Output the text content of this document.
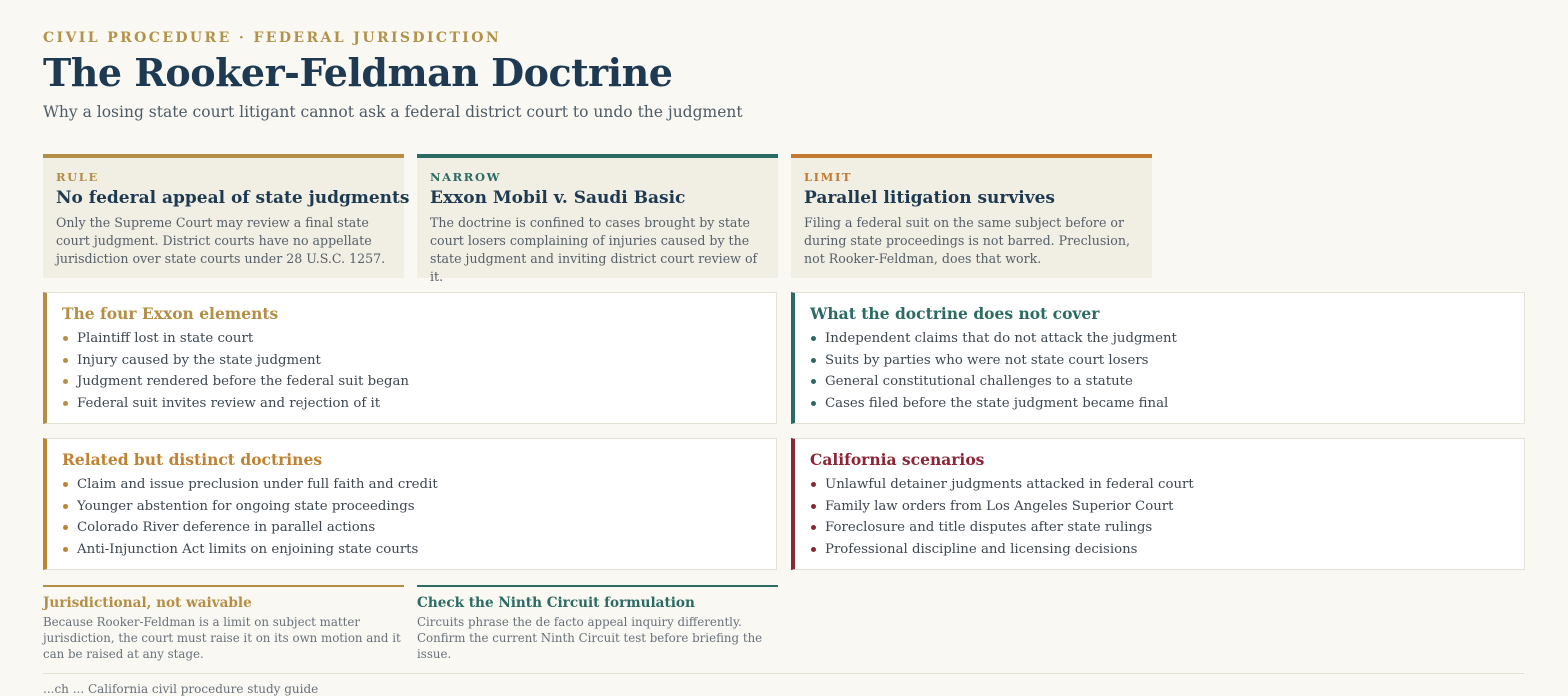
CIVIL PROCEDURE · FEDERAL JURISDICTION
The Rooker-Feldman Doctrine
Why a losing state court litigant cannot ask a federal district court to undo the judgment
RULE
No federal appeal of state judgments
Only the Supreme Court may review a final state court judgment. District courts have no appellate jurisdiction over state courts under 28 U.S.C. 1257.
NARROW
Exxon Mobil v. Saudi Basic
The doctrine is confined to cases brought by state court losers complaining of injuries caused by the state judgment and inviting district court review of it.
LIMIT
Parallel litigation survives
Filing a federal suit on the same subject before or during state proceedings is not barred. Preclusion, not Rooker-Feldman, does that work.
The four Exxon elements
Plaintiff lost in state court
Injury caused by the state judgment
Judgment rendered before the federal suit began
Federal suit invites review and rejection of it
What the doctrine does not cover
Independent claims that do not attack the judgment
Suits by parties who were not state court losers
General constitutional challenges to a statute
Cases filed before the state judgment became final
Related but distinct doctrines
Claim and issue preclusion under full faith and credit
Younger abstention for ongoing state proceedings
Colorado River deference in parallel actions
Anti-Injunction Act limits on enjoining state courts
California scenarios
Unlawful detainer judgments attacked in federal court
Family law orders from Los Angeles Superior Court
Foreclosure and title disputes after state rulings
Professional discipline and licensing decisions
Jurisdictional, not waivable
Because Rooker-Feldman is a limit on subject matter jurisdiction, the court must raise it on its own motion and it can be raised at any stage.
Check the Ninth Circuit formulation
Circuits phrase the de facto appeal inquiry differently. Confirm the current Ninth Circuit test before briefing the issue.
...ch ... California civil procedure study guide
